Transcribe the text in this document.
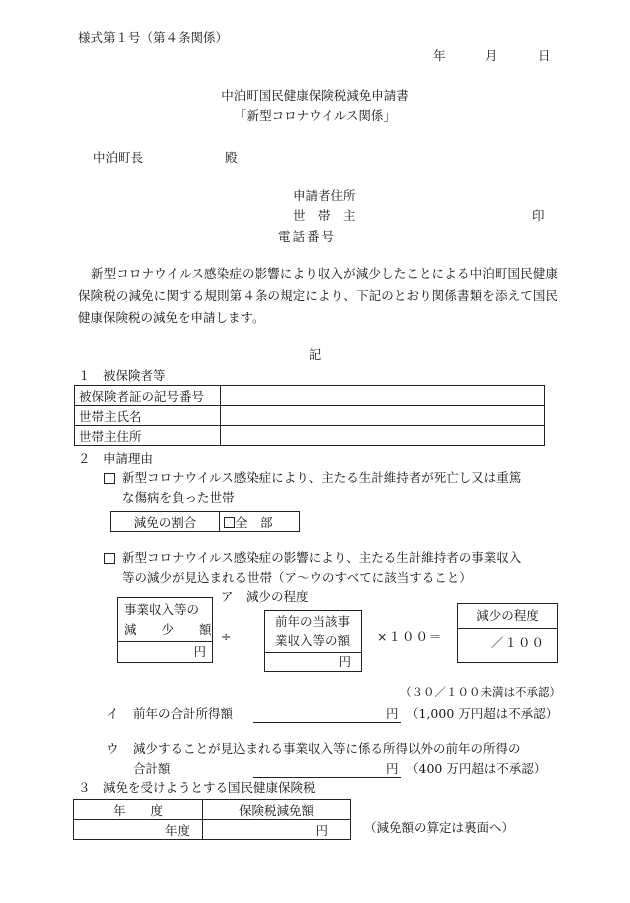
様式第１号（第４条関係）
年	月	日
中泊町国民健康保険税減免申請書
「新型コロナウイルス関係」
中泊町長	殿
申請者住所
世　帯　主	印
電話番号
新型コロナウイルス感染症の影響により収入が減少したことによる中泊町国民健康保険税の減免に関する規則第４条の規定により、下記のとおり関係書類を添えて国民健康保険税の減免を申請します。
記
１　被保険者等
被保険者証の記号番号	
世帯主氏名	
世帯主住所	
２　申請理由
新型コロナウイルス感染症により、主たる生計維持者が死亡し又は重篤
な傷病を負った世帯
減免の割合	全　部
新型コロナウイルス感染症の影響により、主たる生計維持者の事業収入
等の減少が見込まれる世帯（ア〜ウのすべてに該当すること）
ア　減少の程度
事業収入等の
減　　少　　額
円
÷
前年の当該事
業収入等の額
円
×１００＝
減少の程度
／１００
（３０／１００未満は不承認）
イ 前年の合計所得額	円 （1,000 万円超は不承認）
ウ 減少することが見込まれる事業収入等に係る所得以外の前年の所得の
合計額	円 （400 万円超は不承認）
３　減免を受けようとする国民健康保険税
年　　度	保険税減免額
年度	円	（減免額の算定は裏面へ）
